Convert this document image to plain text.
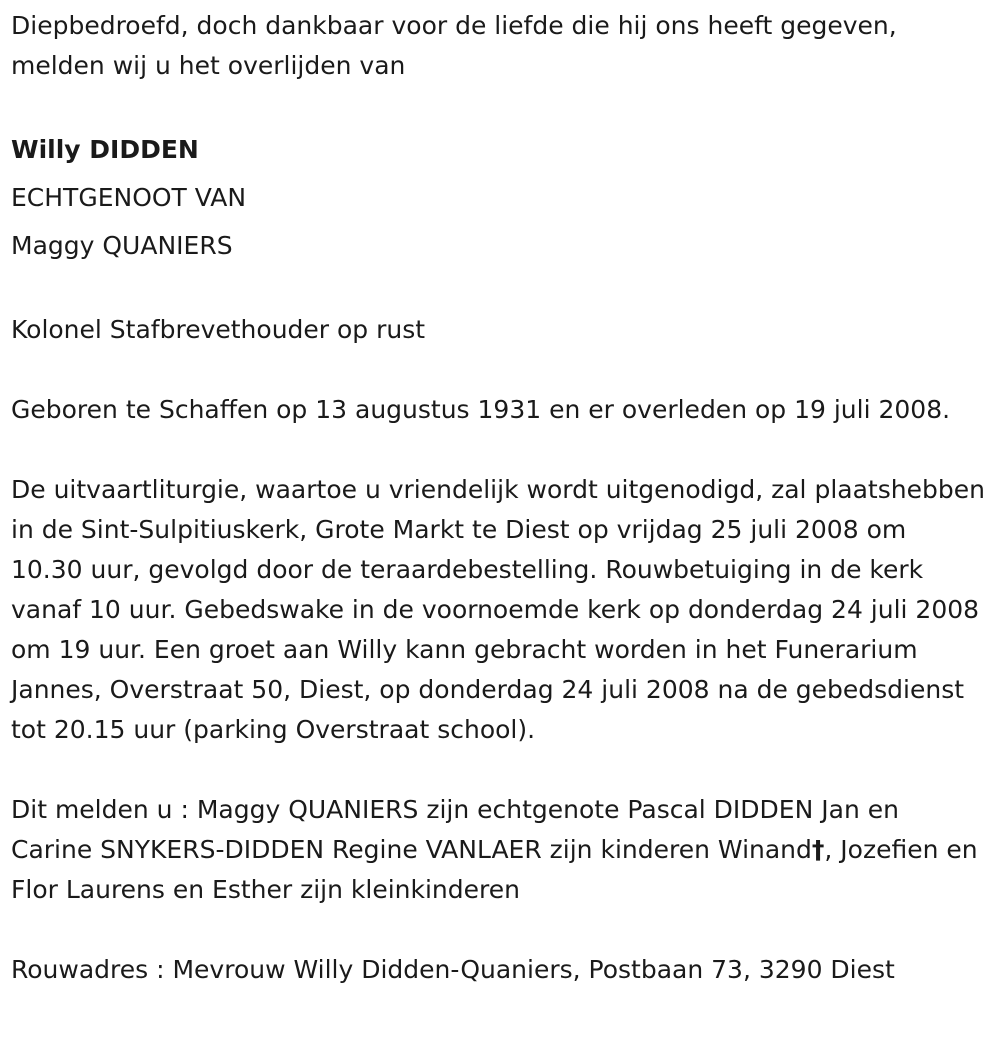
Diepbedroefd, doch dankbaar voor de liefde die hij ons heeft gegeven, melden wij u het overlijden van

Willy DIDDEN
ECHTGENOOT VAN
Maggy QUANIERS

Kolonel Stafbrevethouder op rust

Geboren te Schaffen op 13 augustus 1931 en er overleden op 19 juli 2008.

De uitvaartliturgie, waartoe u vriendelijk wordt uitgenodigd, zal plaatshebben in de Sint-Sulpitiuskerk, Grote Markt te Diest op vrijdag 25 juli 2008 om 10.30 uur, gevolgd door de teraardebestelling. Rouwbetuiging in de kerk vanaf 10 uur. Gebedswake in de voornoemde kerk op donderdag 24 juli 2008 om 19 uur. Een groet aan Willy kann gebracht worden in het Funerarium Jannes, Overstraat 50, Diest, op donderdag 24 juli 2008 na de gebedsdienst tot 20.15 uur (parking Overstraat school).

Dit melden u : Maggy QUANIERS zijn echtgenote Pascal DIDDEN Jan en Carine SNYKERS-DIDDEN Regine VANLAER zijn kinderen Winand†, Jozefien en Flor Laurens en Esther zijn kleinkinderen

Rouwadres : Mevrouw Willy Didden-Quaniers, Postbaan 73, 3290 Diest
